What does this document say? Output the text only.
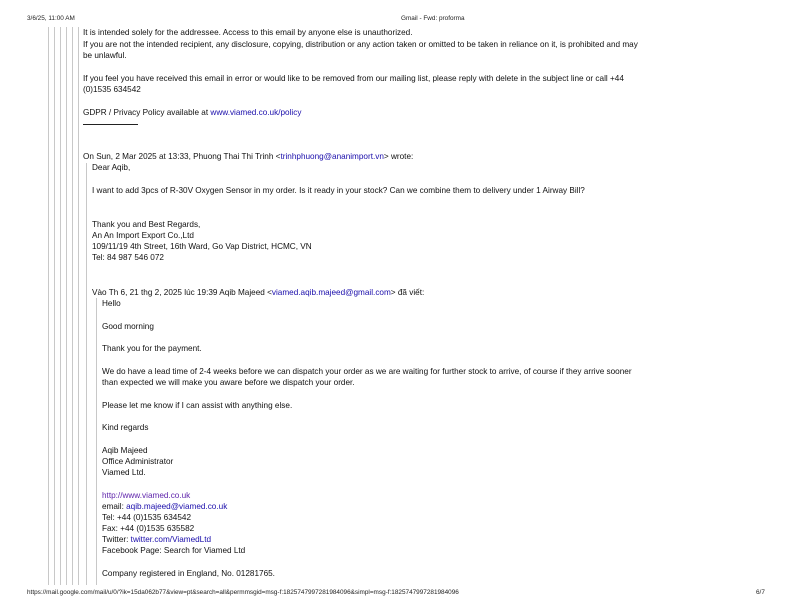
3/6/25, 11:00 AM	Gmail - Fwd: proforma
It is intended solely for the addressee. Access to this email by anyone else is unauthorized.
If you are not the intended recipient, any disclosure, copying, distribution or any action taken or omitted to be taken in reliance on it, is prohibited and may
be unlawful.
If you feel you have received this email in error or would like to be removed from our mailing list, please reply with delete in the subject line or call +44
(0)1535 634542
GDPR / Privacy Policy available at www.viamed.co.uk/policy
On Sun, 2 Mar 2025 at 13:33, Phuong Thai Thi Trinh <trinhphuong@ananimport.vn> wrote:
Dear Aqib,
I want to add 3pcs of R-30V Oxygen Sensor in my order. Is it ready in your stock? Can we combine them to delivery under 1 Airway Bill?
Thank you and Best Regards,
An An Import Export Co.,Ltd
109/11/19 4th Street, 16th Ward, Go Vap District, HCMC, VN
Tel: 84 987 546 072
Vào Th 6, 21 thg 2, 2025 lúc 19:39 Aqib Majeed <viamed.aqib.majeed@gmail.com> đã viết:
Hello
Good morning
Thank you for the payment.
We do have a lead time of 2-4 weeks before we can dispatch your order as we are waiting for further stock to arrive, of course if they arrive sooner
than expected we will make you aware before we dispatch your order.
Please let me know if I can assist with anything else.
Kind regards
Aqib Majeed
Office Administrator
Viamed Ltd.
http://www.viamed.co.uk
email: aqib.majeed@viamed.co.uk
Tel: +44 (0)1535 634542
Fax: +44 (0)1535 635582
Twitter: twitter.com/ViamedLtd
Facebook Page: Search for Viamed Ltd
Company registered in England, No. 01281765.
https://mail.google.com/mail/u/0/?ik=15da062b77&view=pt&search=all&permmsgid=msg-f:1825747997281984096&simpl=msg-f:1825747997281984096	6/7
